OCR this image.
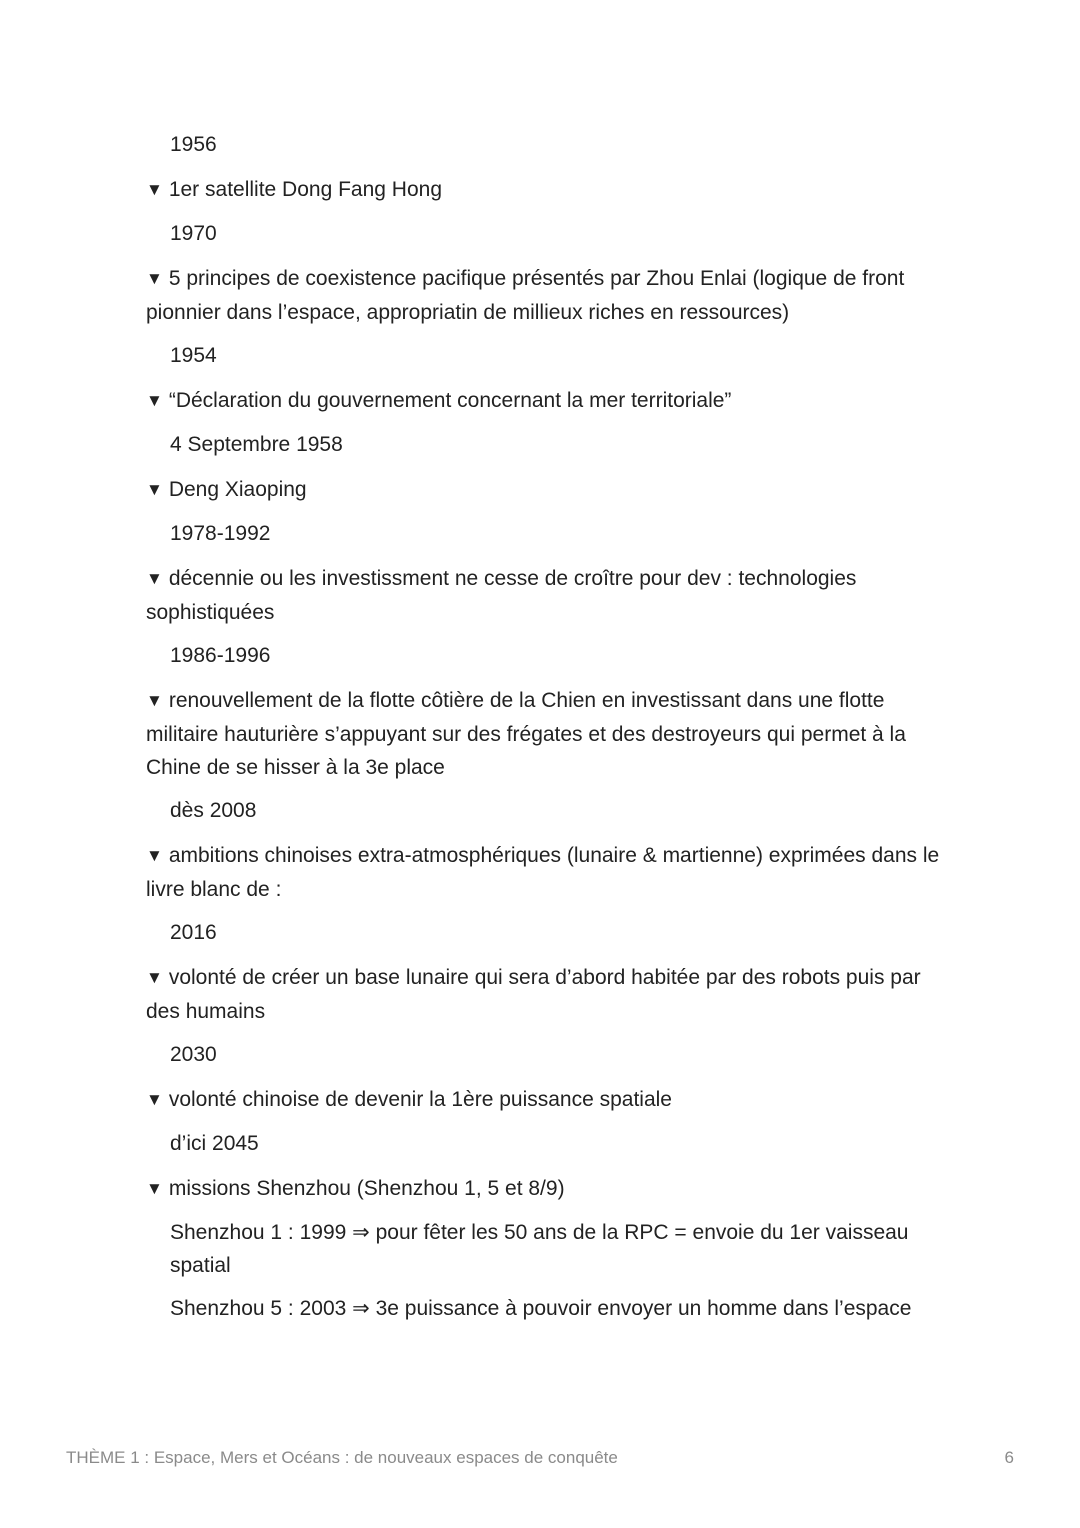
1956

▼ 1er satellite Dong Fang Hong

1970

▼ 5 principes de coexistence pacifique présentés par Zhou Enlai (logique de front pionnier dans l’espace, appropriatin de millieux riches en ressources)

1954

▼ “Déclaration du gouvernement concernant la mer territoriale”

4 Septembre 1958

▼ Deng Xiaoping

1978-1992

▼ décennie ou les investissment ne cesse de croître pour dev : technologies sophistiquées

1986-1996

▼ renouvellement de la flotte côtière de la Chien en investissant dans une flotte militaire hauturière s’appuyant sur des frégates et des destroyeurs qui permet à la Chine de se hisser à la 3e place

dès 2008

▼ ambitions chinoises extra-atmosphériques (lunaire & martienne) exprimées dans le livre blanc de :

2016

▼ volonté de créer un base lunaire qui sera d’abord habitée par des robots puis par des humains

2030

▼ volonté chinoise de devenir la 1ère puissance spatiale

d’ici 2045

▼ missions Shenzhou (Shenzhou 1, 5 et 8/9)

Shenzhou 1 : 1999 ⇒ pour fêter les 50 ans de la RPC = envoie du 1er vaisseau spatial

Shenzhou 5 : 2003 ⇒ 3e puissance à pouvoir envoyer un homme dans l’espace

THÈME 1 : Espace, Mers et Océans : de nouveaux espaces de conquête	6
